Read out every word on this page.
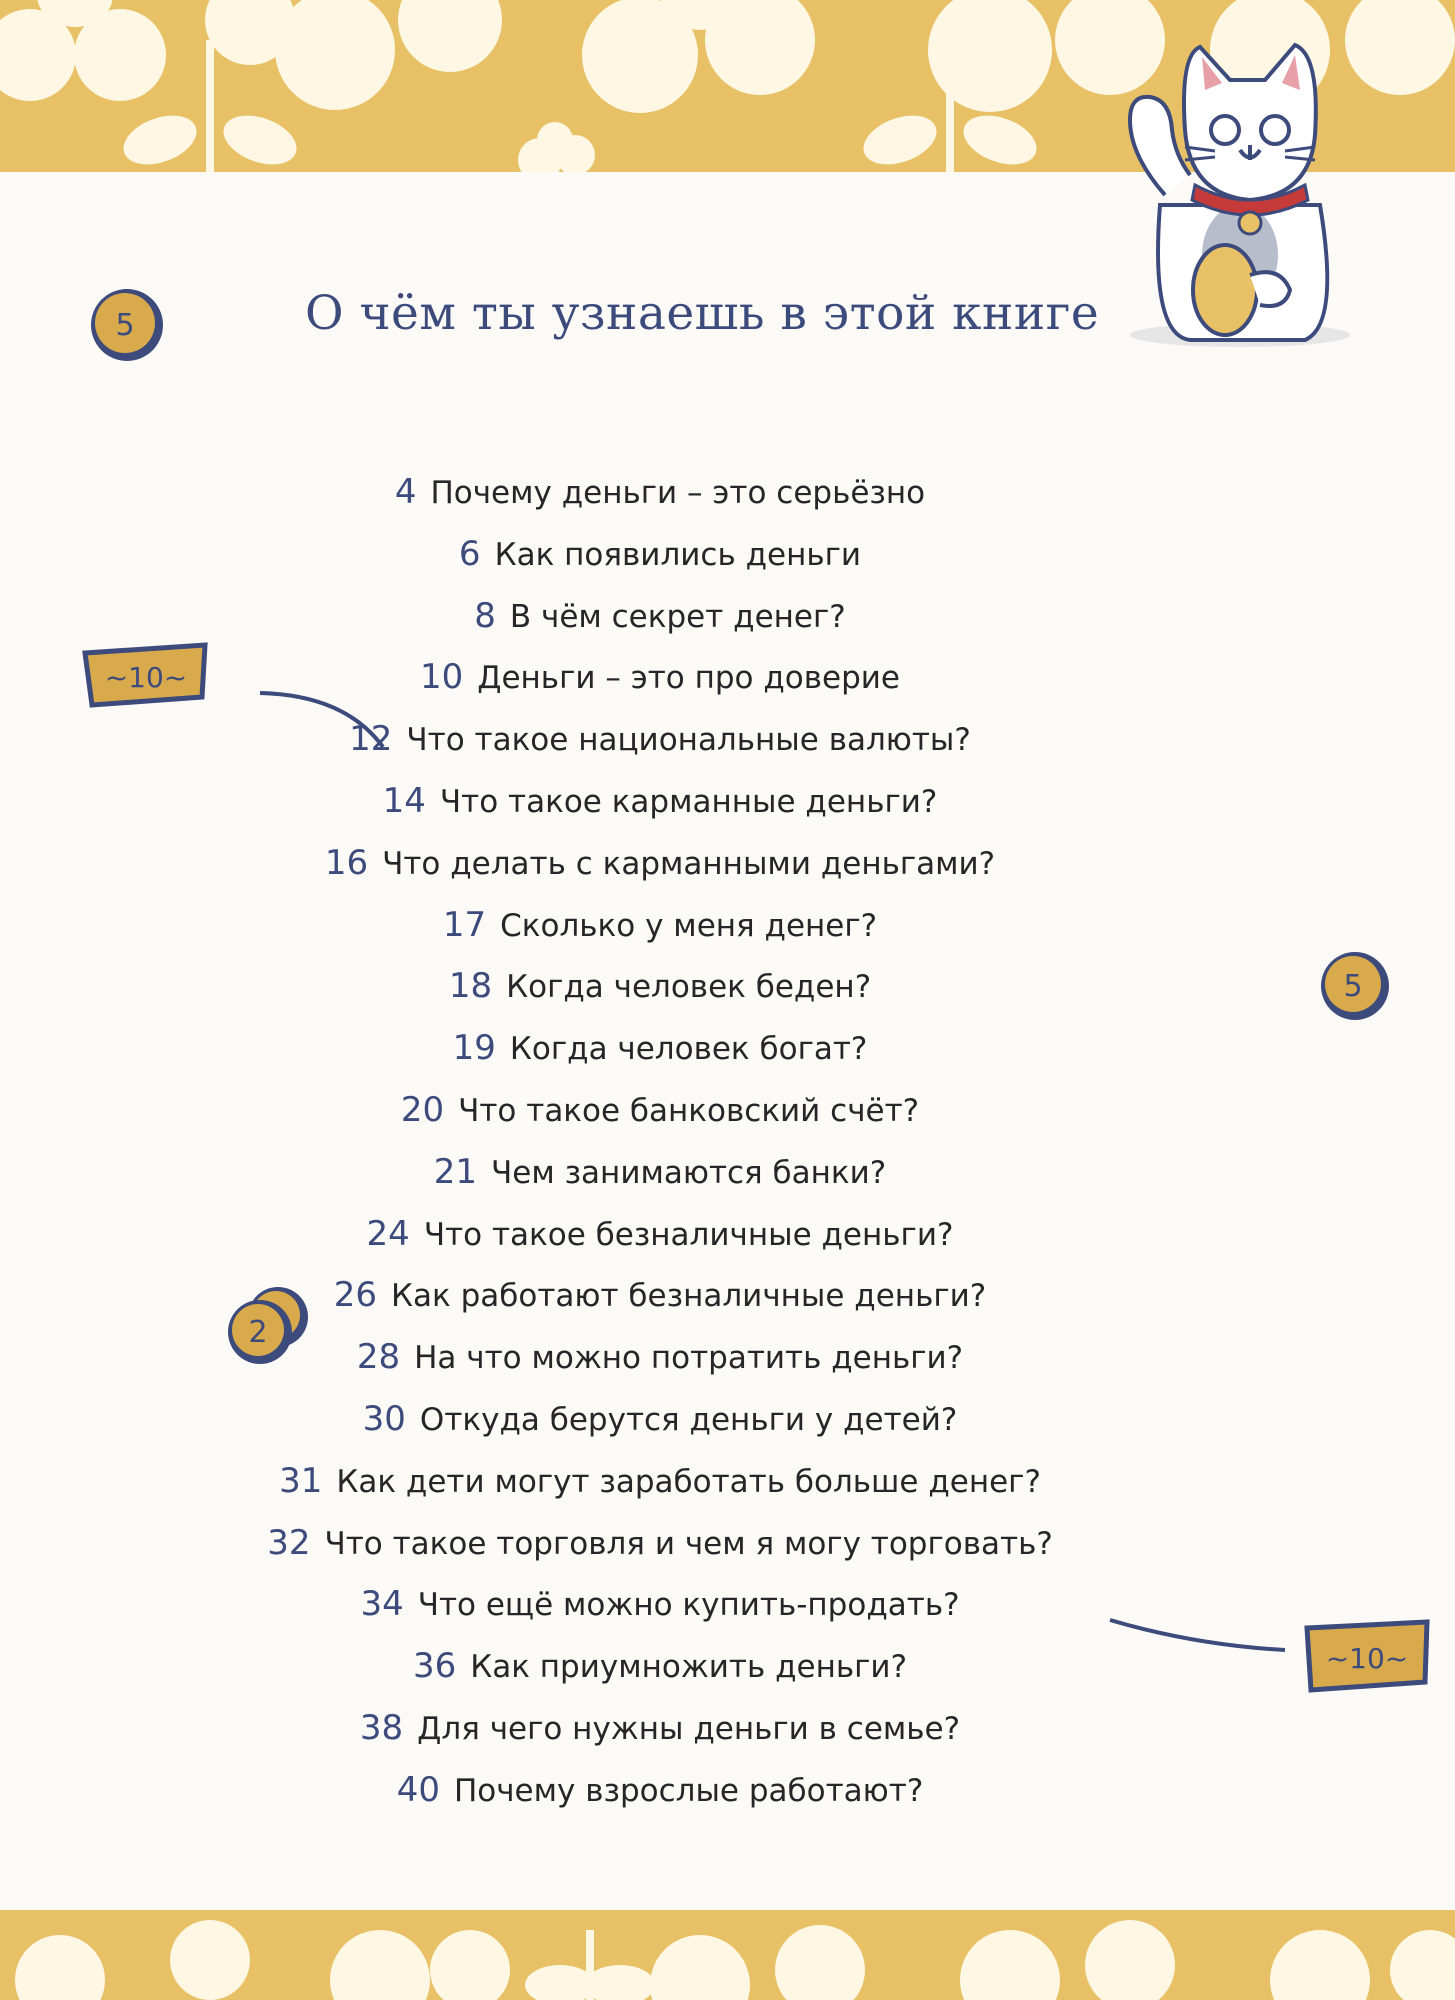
О чём ты узнаешь в этой книге
5
~10~
5
2
~10~
4 Почему деньги – это серьёзно
6 Как появились деньги
8 В чём секрет денег?
10 Деньги – это про доверие
12 Что такое национальные валюты?
14 Что такое карманные деньги?
16 Что делать с карманными деньгами?
17 Сколько у меня денег?
18 Когда человек беден?
19 Когда человек богат?
20 Что такое банковский счёт?
21 Чем занимаются банки?
24 Что такое безналичные деньги?
26 Как работают безналичные деньги?
28 На что можно потратить деньги?
30 Откуда берутся деньги у детей?
31 Как дети могут заработать больше денег?
32 Что такое торговля и чем я могу торговать?
34 Что ещё можно купить-продать?
36 Как приумножить деньги?
38 Для чего нужны деньги в семье?
40 Почему взрослые работают?
